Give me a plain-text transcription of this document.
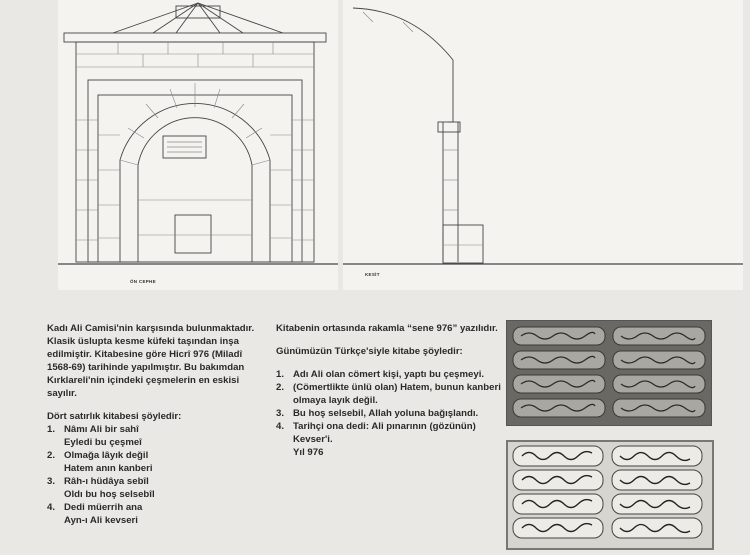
ÖN CEPHE
KESİT

Kadı Ali Camisi'nin karşısında bulunmaktadır. Klasik üslupta kesme küfeki taşından inşa edilmiştir. Kitabesine göre Hicrî 976 (Miladî 1568-69) tarihinde yapılmıştır. Bu bakımdan Kırklareli'nin içindeki çeşmelerin en eskisi sayılır.

Dört satırlık kitabesi şöyledir:

1. Nâmı Ali bir sahî
Eyledi bu çeşmeî
2. Olmağa lâyık değil
Hatem anın kanberi
3. Râh-ı hüdâya sebîl
Oldı bu hoş selsebîl
4. Dedi müerrih ana
Ayn-ı Ali kevseri

Kitabenin ortasında rakamla “sene 976” yazılıdır.

Günümüzün Türkçe'siyle kitabe şöyledir:

1. Adı Ali olan cömert kişi, yaptı bu çeşmeyi.
2. (Cömertlikte ünlü olan) Hatem, bunun kanberi olmaya layık değil.
3. Bu hoş selsebil, Allah yoluna bağışlandı.
4. Tarihçi ona dedi: Ali pınarının (gözünün) Kevser'i.
Yıl 976
